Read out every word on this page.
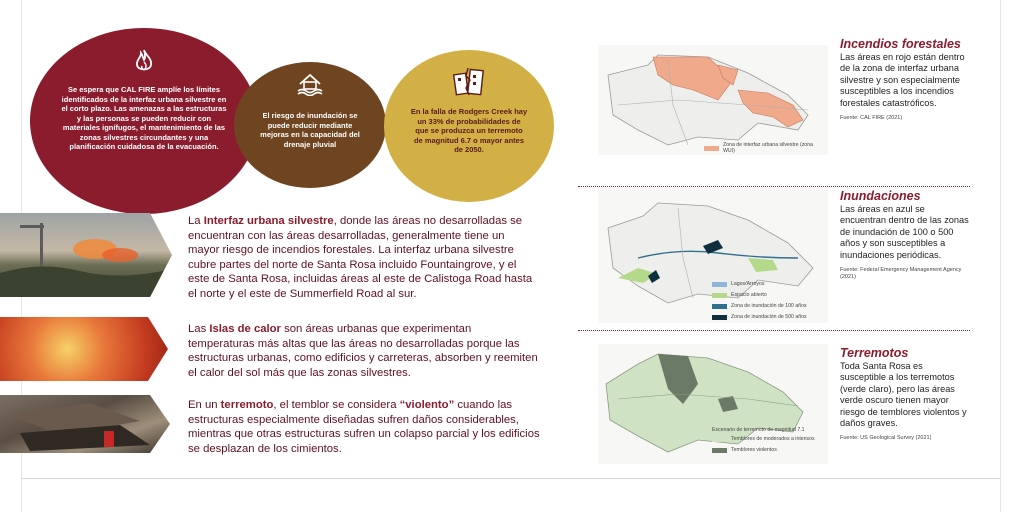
Se espera que CAL FIRE amplíe los límites identificados de la interfaz urbana silvestre en el corto plazo. Las amenazas a las estructuras y las personas se pueden reducir con materiales ignífugos, el mantenimiento de las zonas silvestres circundantes y una planificación cuidadosa de la evacuación.

El riesgo de inundación se puede reducir mediante mejoras en la capacidad del drenaje pluvial

En la falla de Rodgers Creek hay un 33% de probabilidades de que se produzca un terremoto de magnitud 6.7 o mayor antes de 2050.

La Interfaz urbana silvestre, donde las áreas no desarrolladas se encuentran con las áreas desarrolladas, generalmente tiene un mayor riesgo de incendios forestales. La interfaz urbana silvestre cubre partes del norte de Santa Rosa incluido Fountaingrove, y el este de Santa Rosa, incluidas áreas al este de Calistoga Road hasta el norte y el este de Summerfield Road al sur.
Las Islas de calor son áreas urbanas que experimentan temperaturas más altas que las áreas no desarrolladas porque las estructuras urbanas, como edificios y carreteras, absorben y reemiten el calor del sol más que las zonas silvestres.
En un terremoto, el temblor se considera “violento” cuando las estructuras especialmente diseñadas sufren daños considerables, mientras que otras estructuras sufren un colapso parcial y los edificios se desplazan de los cimientos.
Zona de interfaz urbana silvestre (zona WUI)
Lagos/Arroyos
Espacio abierto
Zona de inundación de 100 años
Zona de inundación de 500 años
Escenario de terremoto de magnitud 7.1
Temblores de moderados a intensos
Temblores violentos
Incendios forestales

Las áreas en rojo están dentro de la zona de interfaz urbana silvestre y son especialmente susceptibles a los incendios forestales catastróficos.

Fuente: CAL FIRE (2021)
Inundaciones

Las áreas en azul se encuentran dentro de las zonas de inundación de 100 o 500 años y son susceptibles a inundaciones periódicas.

Fuente: Federal Emergency Management Agency (2021)
Terremotos

Toda Santa Rosa es susceptible a los terremotos (verde claro), pero las áreas verde oscuro tienen mayor riesgo de temblores violentos y daños graves.

Fuente: US Geological Survey (2021)
